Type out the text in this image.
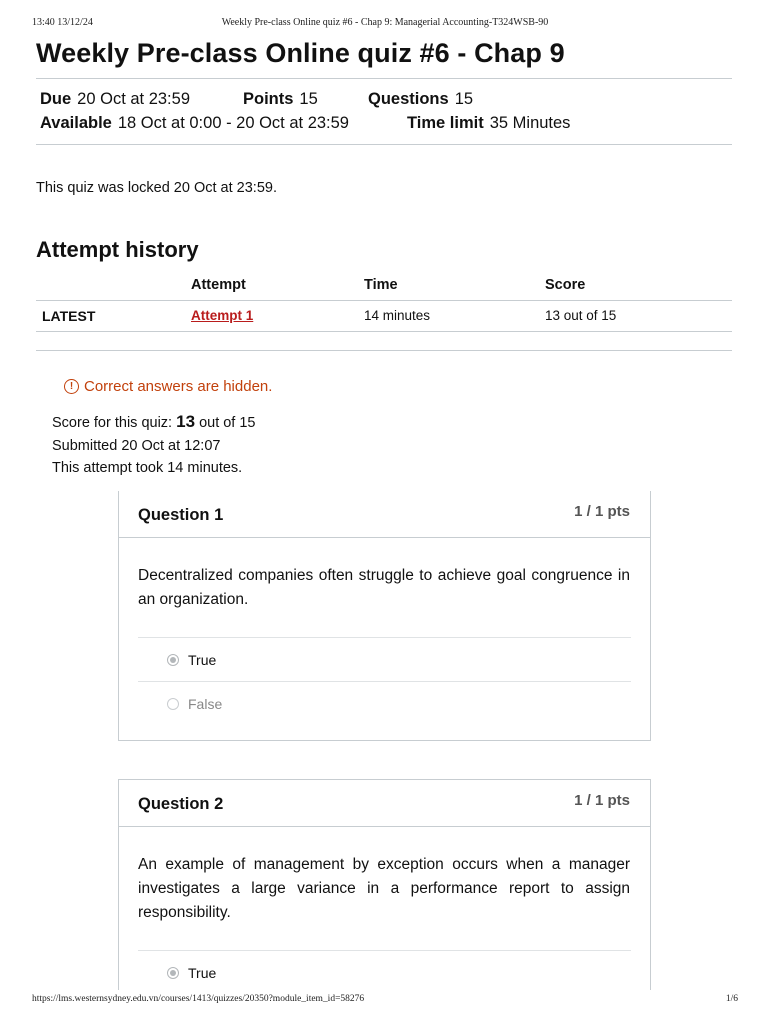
13:40 13/12/24	Weekly Pre-class Online quiz #6 - Chap 9: Managerial Accounting-T324WSB-90
Weekly Pre-class Online quiz #6 - Chap 9
Due 20 Oct at 23:59	Points 15	Questions 15
Available 18 Oct at 0:00 - 20 Oct at 23:59	Time limit 35 Minutes

This quiz was locked 20 Oct at 23:59.

Attempt history
	Attempt	Time	Score
LATEST	Attempt 1	14 minutes	13 out of 15
! Correct answers are hidden.
Score for this quiz: 13 out of 15
Submitted 20 Oct at 12:07
This attempt took 14 minutes.
Question 1	1 / 1 pts

Decentralized companies often struggle to achieve goal congruence in an organization.

True
False
Question 2	1 / 1 pts

An example of management by exception occurs when a manager investigates a large variance in a performance report to assign responsibility.

True
https://lms.westernsydney.edu.vn/courses/1413/quizzes/20350?module_item_id=58276	1/6
